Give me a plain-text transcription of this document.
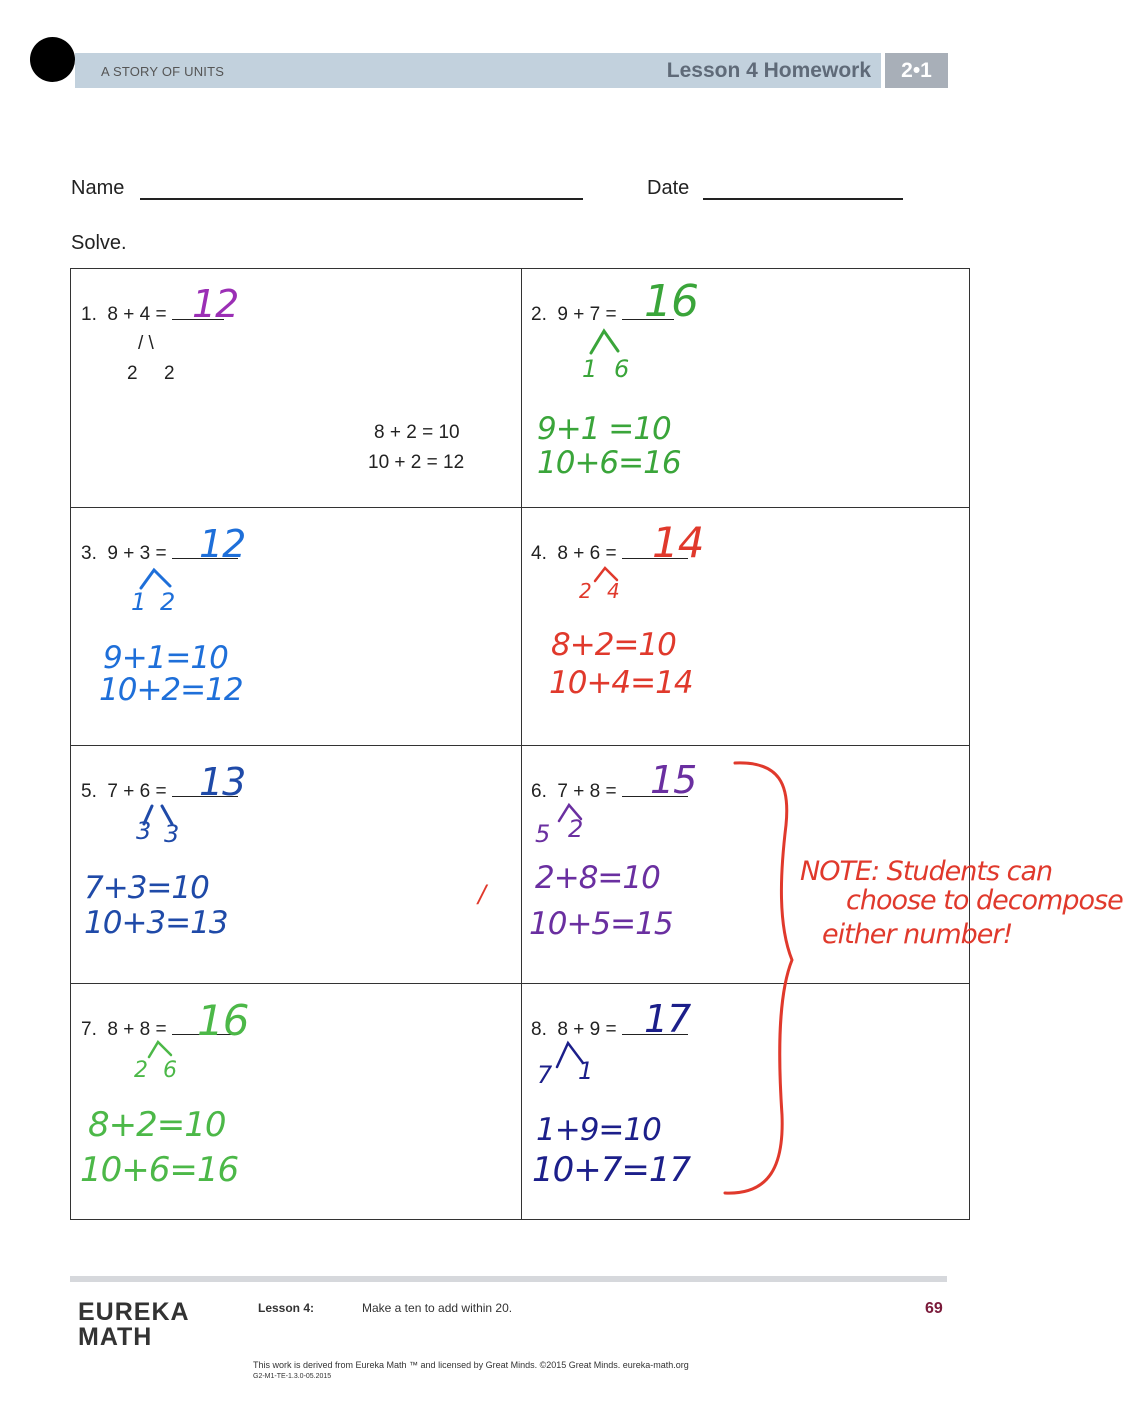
A STORY OF UNITS	Lesson 4 Homework	2•1
Name	Date
Solve.
1.  8 + 4 = 12
/ \
2 2
8 + 2 = 10
10 + 2 = 12
2.  9 + 7 = 16
1 6
9+1 =10
10+6=16
3.  9 + 3 = 12
1 2
9+1=10
10+2=12
4.  8 + 6 = 14
2 4
8+2=10
10+4=14
5.  7 + 6 = 13
3 3
7+3=10
10+3=13
/
6.  7 + 8 = 15
5 2
2+8=10
10+5=15
7.  8 + 8 = 16
2 6
8+2=10
10+6=16
8.  8 + 9 = 17
7 1
1+9=10
10+7=17
NOTE: Students can
choose to decompose
either number!
EUREKA
MATH
Lesson 4:	Make a ten to add within 20.	69
This work is derived from Eureka Math ™ and licensed by Great Minds. ©2015 Great Minds. eureka-math.org
G2-M1-TE-1.3.0-05.2015
